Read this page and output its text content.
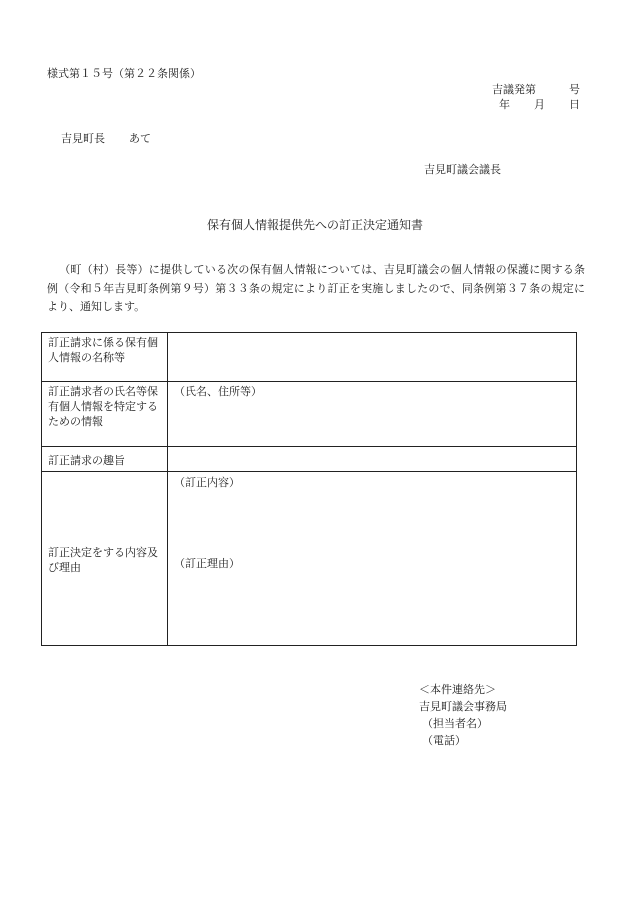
様式第１５号（第２２条関係）
吉議発第　　　号
年 月 日
吉見町長 あて
吉見町議会議長
保有個人情報提供先への訂正決定通知書
（町（村）長等）に提供している次の保有個人情報については、吉見町議会の個人情報の保護に関する条例（令和５年吉見町条例第９号）第３３条の規定により訂正を実施しましたので、同条例第３７条の規定により、通知します。
訂正請求に係る保有個人情報の名称等	
訂正請求者の氏名等保有個人情報を特定するための情報	（氏名、住所等）
訂正請求の趣旨	
訂正決定をする内容及び理由	（訂正内容）
（訂正理由）
＜本件連絡先＞
吉見町議会事務局
（担当者名）
（電話）
